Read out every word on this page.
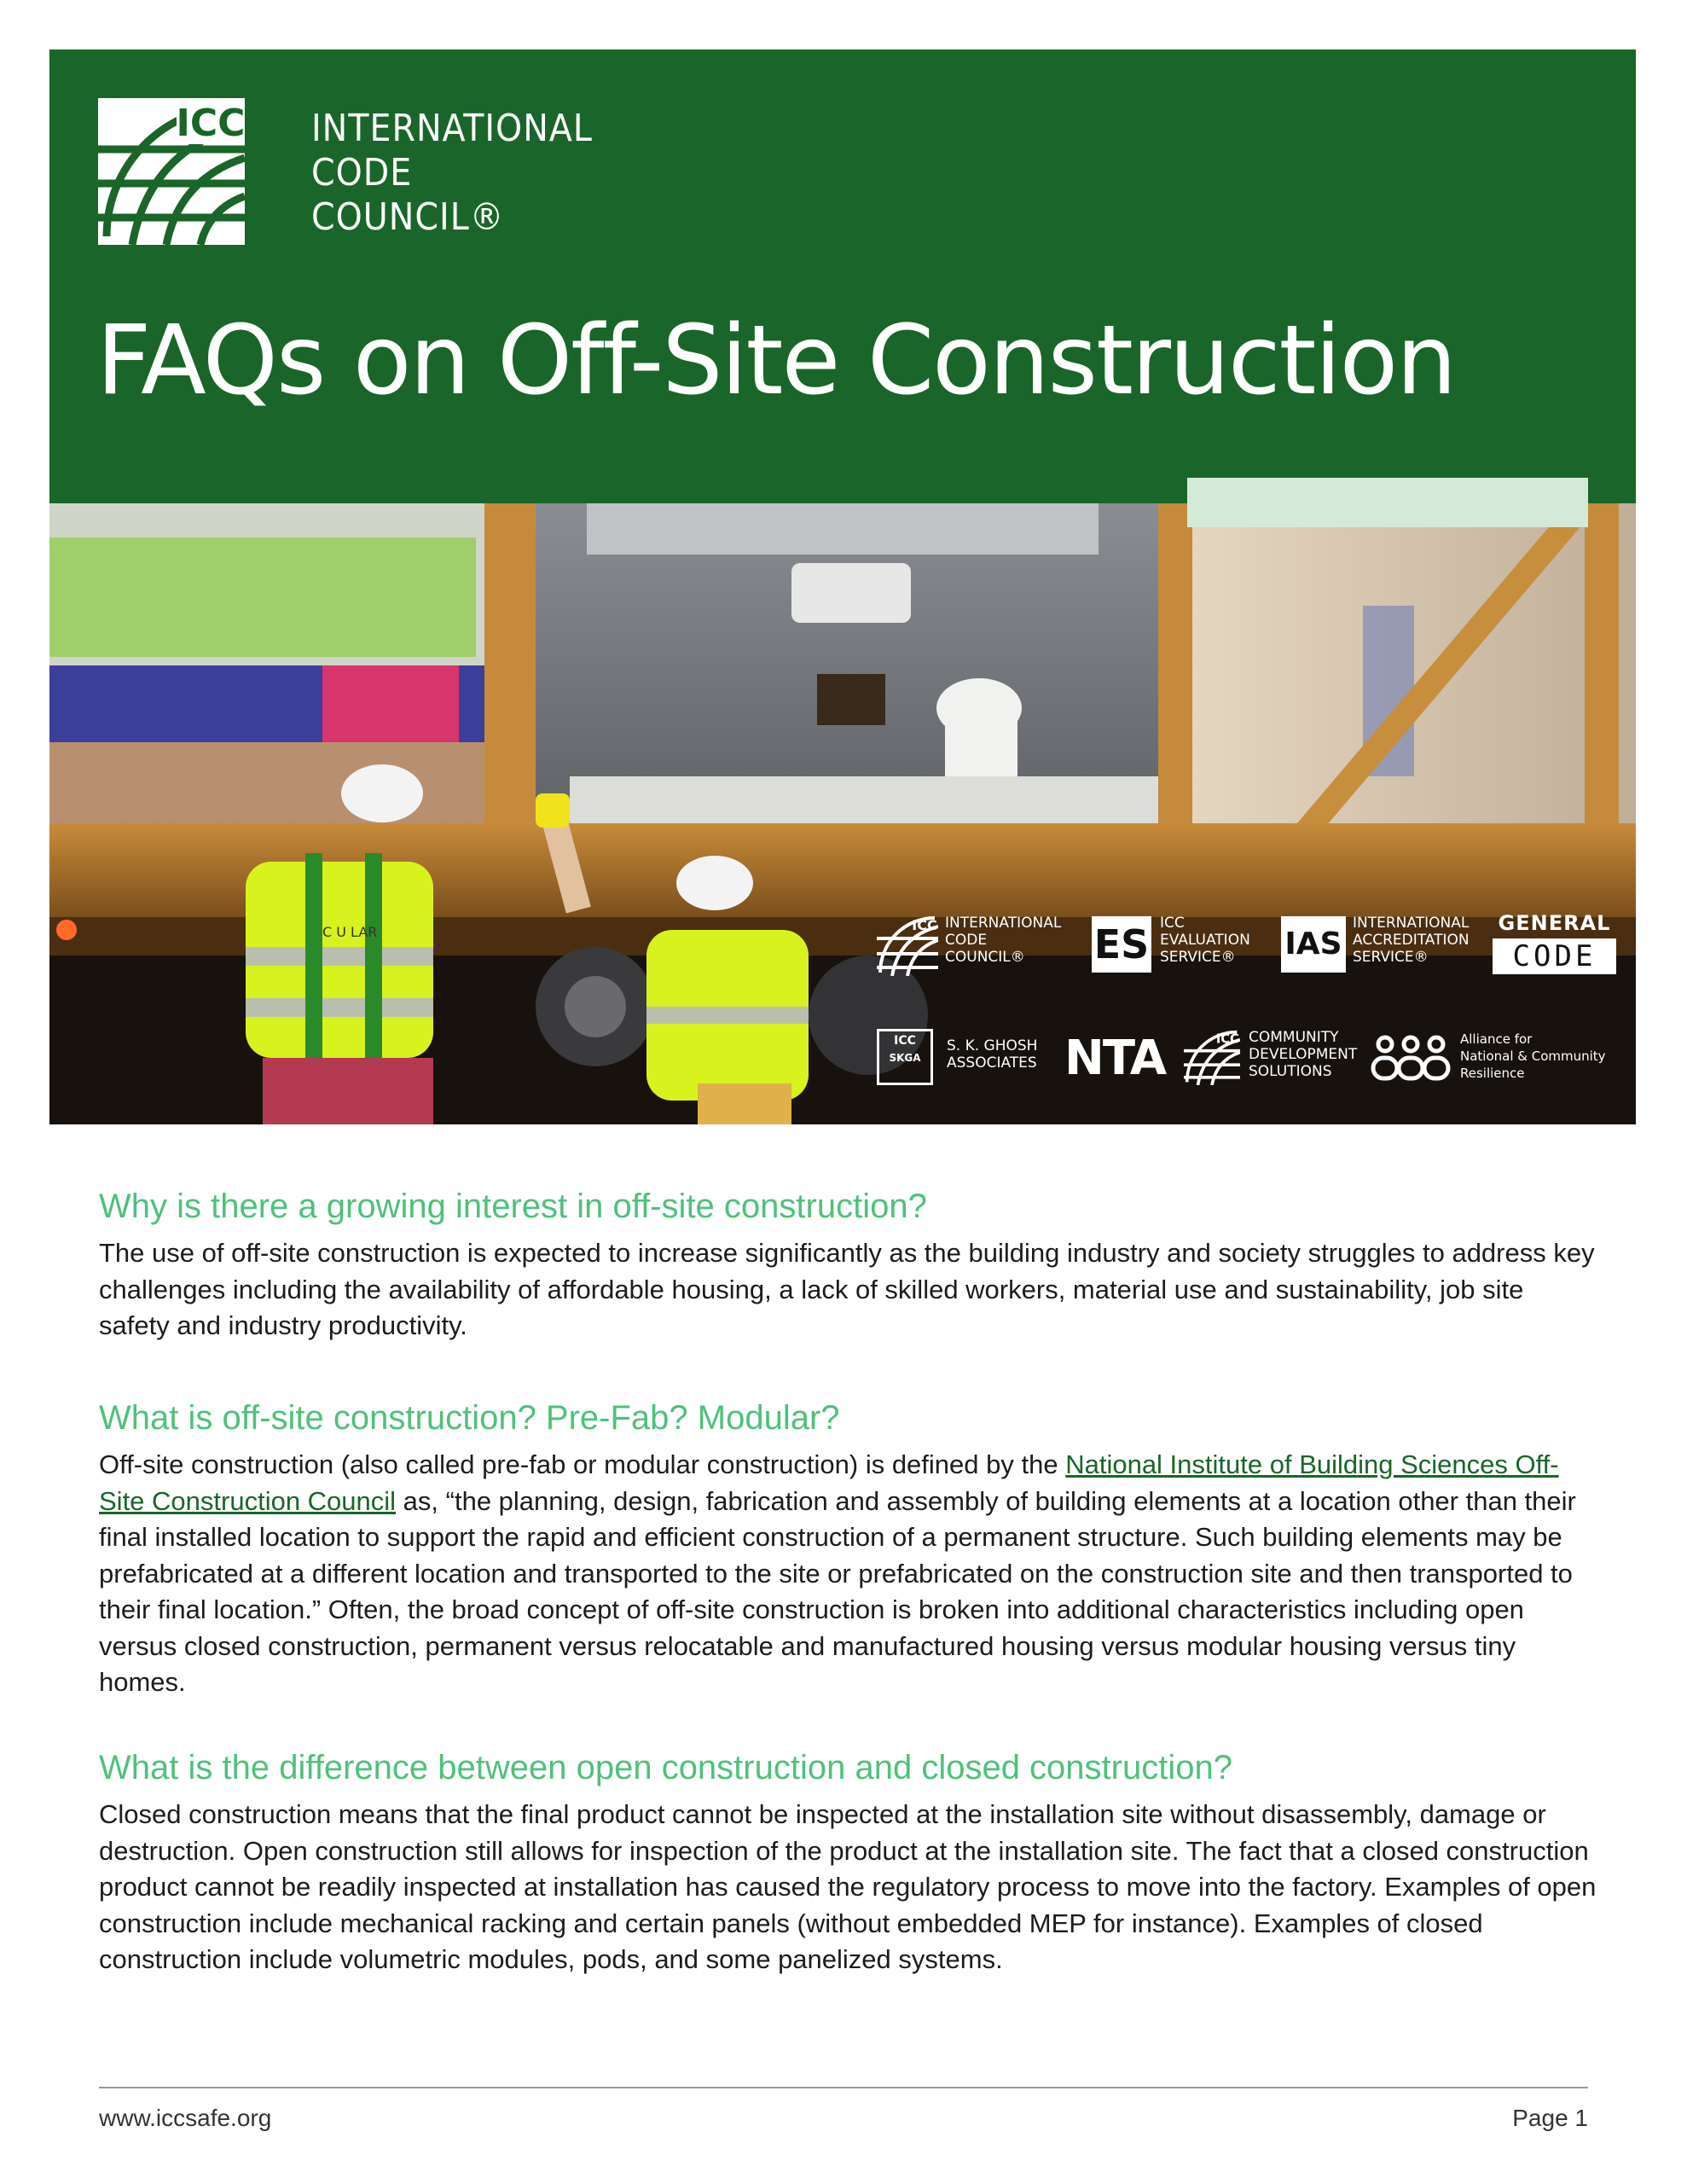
ICC INTERNATIONAL
CODE
COUNCIL®
FAQs on Off-Site Construction
C U LAR	ICC INTERNATIONAL
CODE
COUNCIL®	ES ICC
EVALUATION
SERVICE®	IAS
INTERNATIONAL
ACCREDITATION
SERVICE®
GENERAL
CODE
ICC
SKGA
S. K. GHOSH
ASSOCIATES NTA	ICC COMMUNITY
DEVELOPMENT
SOLUTIONS
Alliance for
National & Community
Resilience
Why is there a growing interest in off-site construction?

The use of off-site construction is expected to increase significantly as the building industry and society struggles to address key challenges including the availability of affordable housing, a lack of skilled workers, material use and sustainability, job site safety and industry productivity.

What is off-site construction? Pre-Fab? Modular?

Off-site construction (also called pre-fab or modular construction) is defined by the National Institute of Building Sciences Off-Site Construction Council as, “the planning, design, fabrication and assembly of building elements at a location other than their final installed location to support the rapid and efficient construction of a permanent structure. Such building elements may be prefabricated at a different location and transported to the site or prefabricated on the construction site and then transported to their final location.” Often, the broad concept of off-site construction is broken into additional characteristics including open versus closed construction, permanent versus relocatable and manufactured housing versus modular housing versus tiny homes.

What is the difference between open construction and closed construction?

Closed construction means that the final product cannot be inspected at the installation site without disassembly, damage or destruction. Open construction still allows for inspection of the product at the installation site. The fact that a closed construction product cannot be readily inspected at installation has caused the regulatory process to move into the factory. Examples of open construction include mechanical racking and certain panels (without embedded MEP for instance). Examples of closed construction include volumetric modules, pods, and some panelized systems.

www.iccsafe.org	Page 1
